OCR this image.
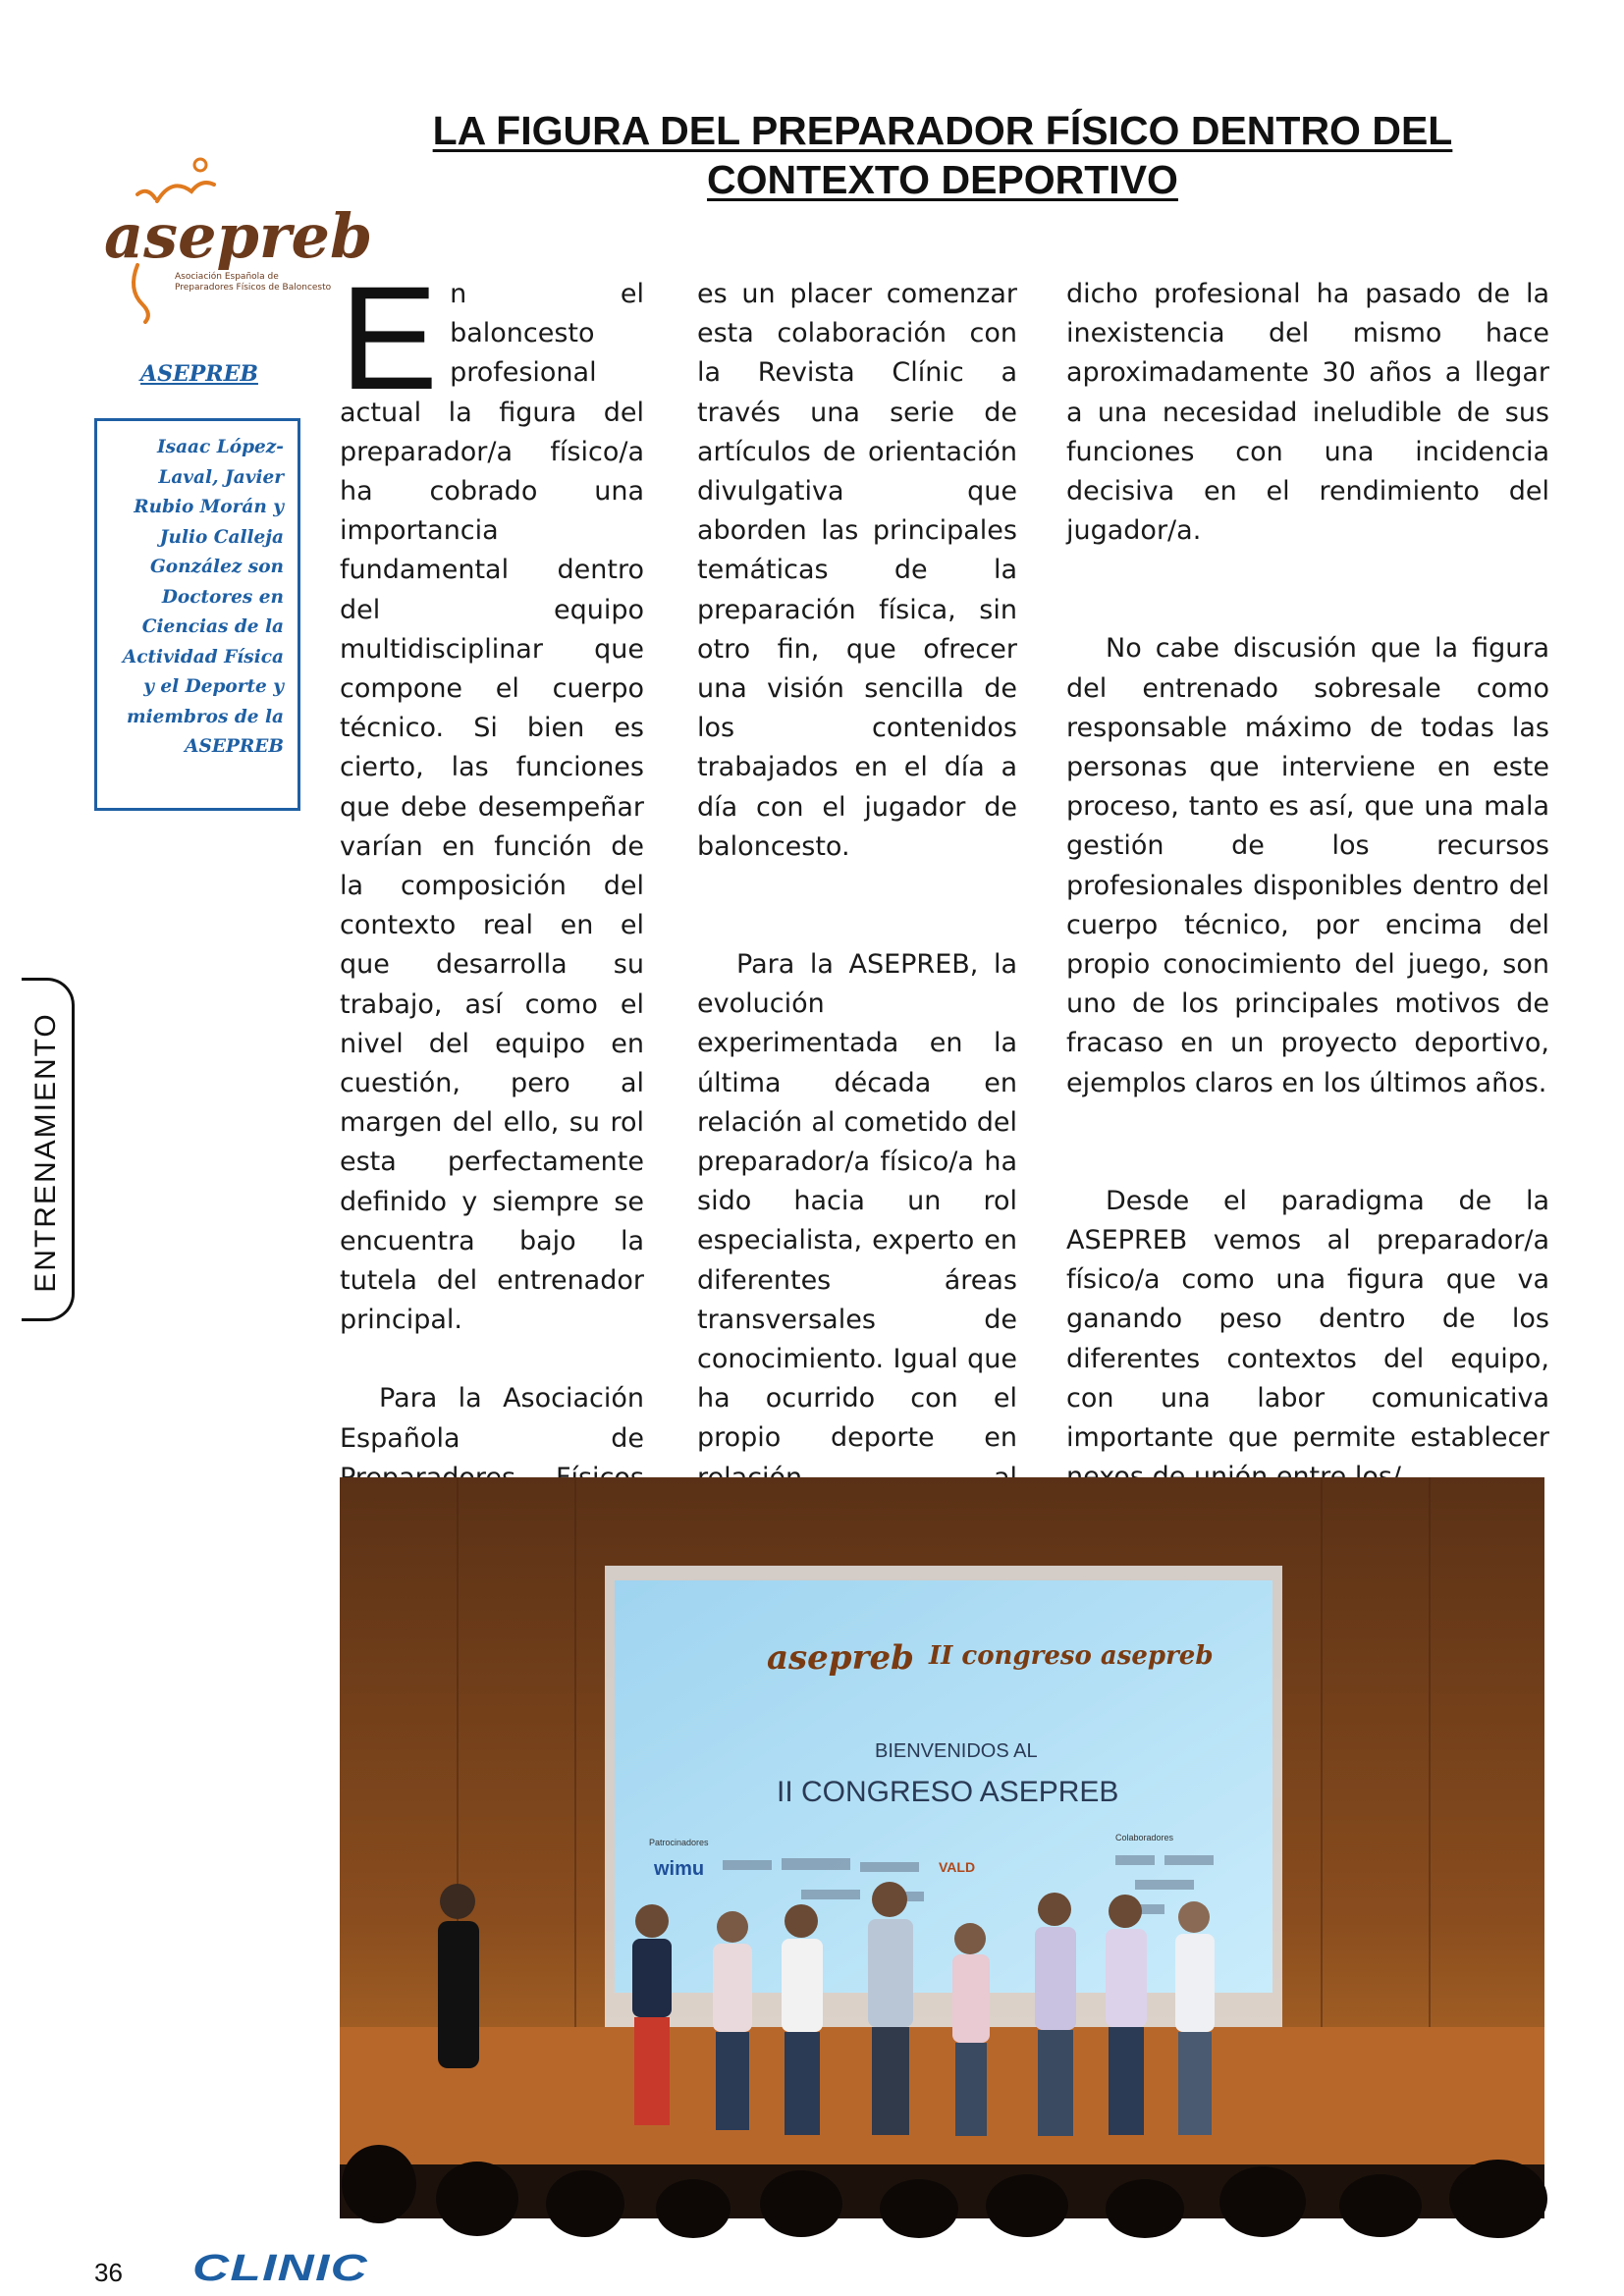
LA FIGURA DEL PREPARADOR FÍSICO DENTRO DEL
CONTEXTO DEPORTIVO
asepreb
Asociación Española de
Preparadores Físicos de Baloncesto
ASEPREB
Isaac López-Laval, Javier Rubio Morán y Julio Calleja González son Doctores en Ciencias de la Actividad Física y el Deporte y miembros de la ASEPREB
ENTRENAMIENTO

En el baloncesto profesional actual la figura del preparador/a físico/a ha cobrado una importancia fundamental dentro del equipo multidisciplinar que compone el cuerpo técnico. Si bien es cierto, las funciones que debe desempeñar varían en función de la composición del contexto real en el que desarrolla su trabajo, así como el nivel del equipo en cuestión, pero al margen del ello, su rol esta perfectamente definido y siempre se encuentra bajo la tutela del entrenador principal.

Para la Asociación Española de

es un placer comenzar esta colaboración con la Revista Clínic a través una serie de artículos de orientación divulgativa que aborden las principales temáticas de la preparación física, sin otro fin, que ofrecer una visión sencilla de los contenidos trabajados en el día a día con el jugador de baloncesto.

Para la ASEPREB, la evolución experimentada en la última década en relación al cometido del preparador/a físico/a ha sido hacia un rol especialista, experto en diferentes áreas transversales de conocimiento. Igual que ha ocurrido con el propio deporte en

dicho profesional ha pasado de la inexistencia del mismo hace aproximadamente 30 años a llegar a una necesidad ineludible de sus funciones con una incidencia decisiva en el rendimiento del jugador/a.

No cabe discusión que la figura del entrenado sobresale como responsable máximo de todas las personas que interviene en este proceso, tanto es así, que una mala gestión de los recursos profesionales disponibles dentro del cuerpo técnico, por encima del propio conocimiento del juego, son uno de los principales motivos de fracaso en un proyecto deportivo, ejemplos claros en los últimos años.

Desde el paradigma de la ASEPREB vemos al preparador/a físico/a como una figura que va ganando peso dentro de los diferentes contextos del equipo, con una labor comunicativa importante que permite establecer

asepreb II congreso asepreb
BIENVENIDOS AL
II CONGRESO ASEPREB
Patrocinadores	Colaboradores
wimu	VALD
36 CLINIC
